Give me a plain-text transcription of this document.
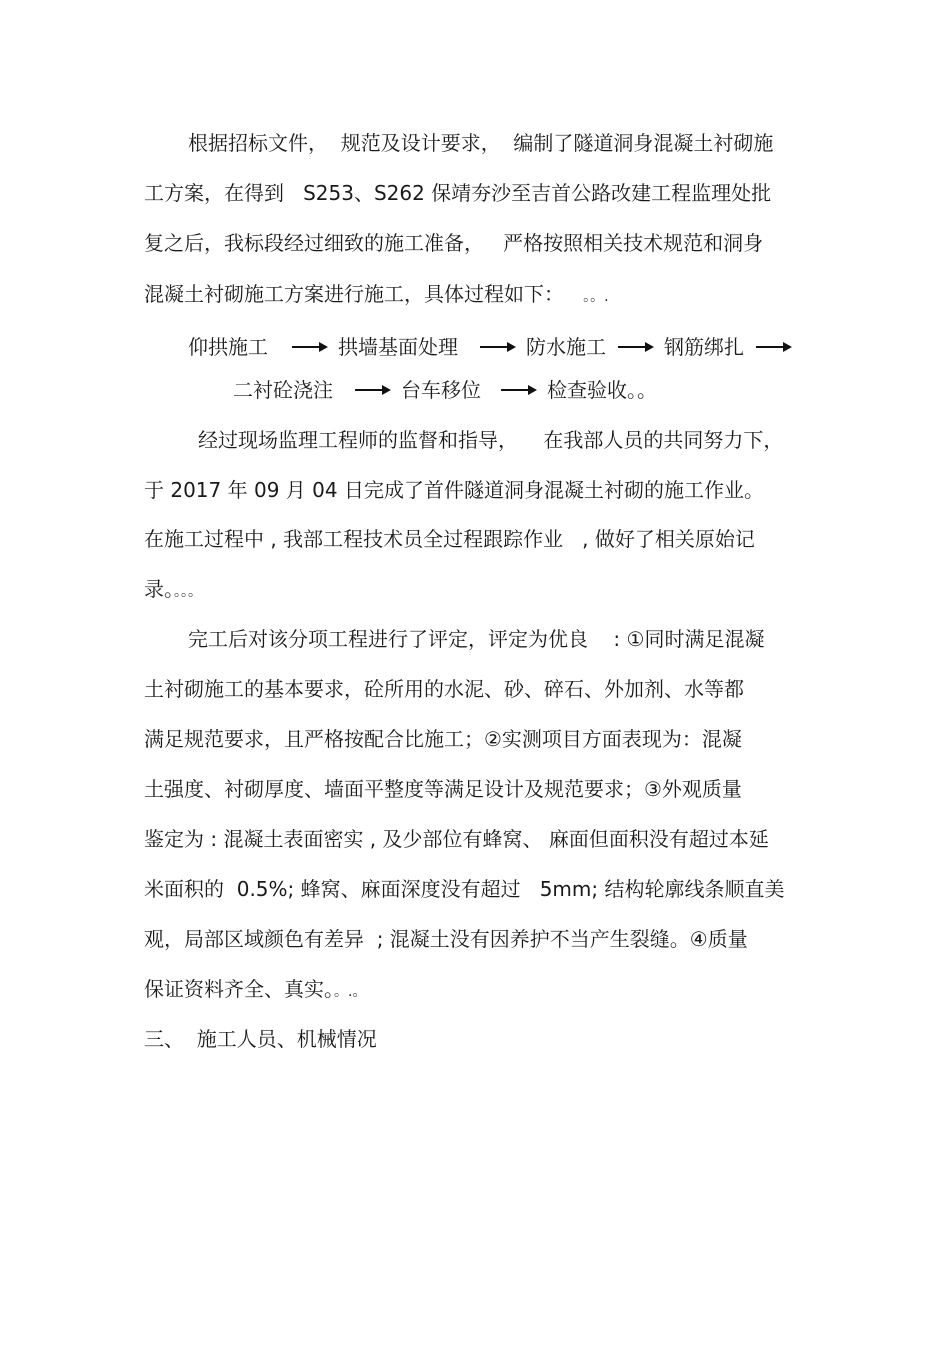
根据招标文件，  规范及设计要求，  编制了隧道洞身混凝土衬砌施
工方案，在得到   S253、S262 保靖夯沙至吉首公路改建工程监理处批
复之后，我标段经过细致的施工准备，   严格按照相关技术规范和洞身
混凝土衬砌施工方案进行施工，具体过程如下：   。。.
仰拱施工	拱墙基面处理	防水施工	钢筋绑扎
二衬砼浇注	台车移位	检查验收。。
经过现场监理工程师的监督和指导，    在我部人员的共同努力下，
于 2017 年 09 月 04 日完成了首件隧道洞身混凝土衬砌的施工作业。
在施工过程中 , 我部工程技术员全过程跟踪作业   , 做好了相关原始记
录。。。。
完工后对该分项工程进行了评定，评定为优良    : ①同时满足混凝
土衬砌施工的基本要求，砼所用的水泥、砂、碎石、外加剂、水等都
满足规范要求，且严格按配合比施工；②实测项目方面表现为：混凝
土强度、衬砌厚度、墙面平整度等满足设计及规范要求；③外观质量
鉴定为 : 混凝土表面密实 , 及少部位有蜂窝、 麻面但面积没有超过本延
米面积的  0.5%; 蜂窝、麻面深度没有超过   5mm; 结构轮廓线条顺直美
观，局部区域颜色有差异  ; 混凝土没有因养护不当产生裂缝。④质量
保证资料齐全、真实。。.。
三、  施工人员、机械情况
